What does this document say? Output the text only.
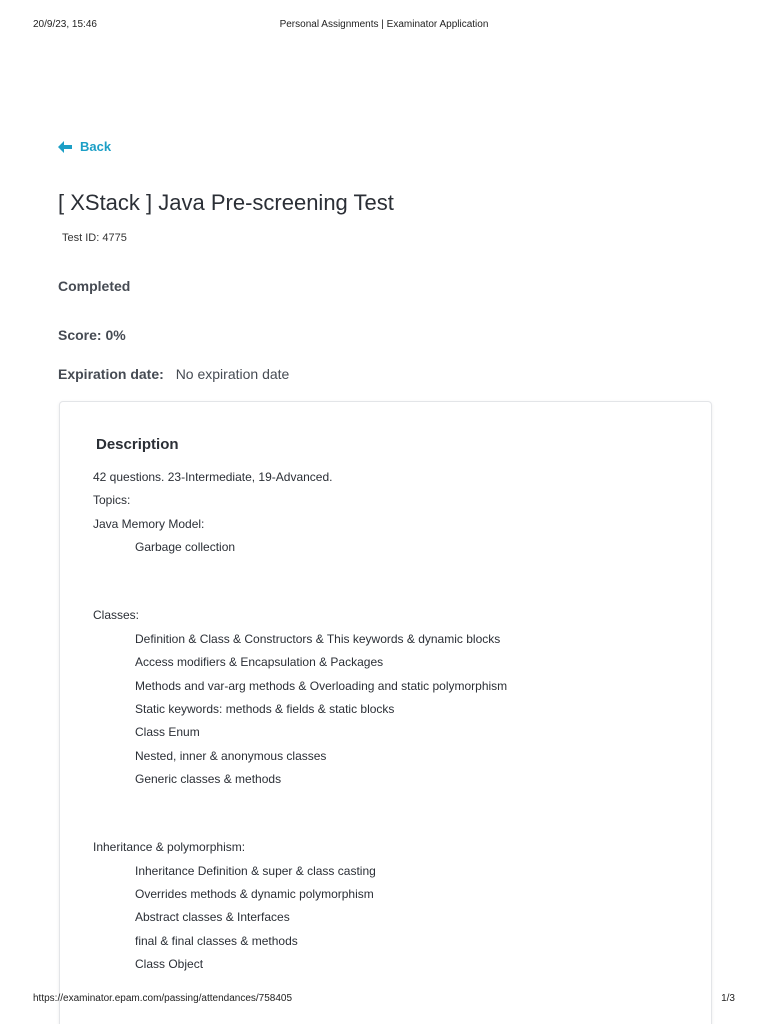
20/9/23, 15:46	Personal Assignments | Examinator Application
Back
[ XStack ] Java Pre-screening Test
Test ID: 4775
Completed
Score: 0%
Expiration date: No expiration date
Description
42 questions. 23-Intermediate, 19-Advanced.
Topics:
Java Memory Model:
Garbage collection
Classes:
Definition & Class & Constructors & This keywords & dynamic blocks
Access modifiers & Encapsulation & Packages
Methods and var-arg methods & Overloading and static polymorphism
Static keywords: methods & fields & static blocks
Class Enum
Nested, inner & anonymous classes
Generic classes & methods
Inheritance & polymorphism:
Inheritance Definition & super & class casting
Overrides methods & dynamic polymorphism
Abstract classes & Interfaces
final & final classes & methods
Class Object
https://examinator.epam.com/passing/attendances/758405	1/3
